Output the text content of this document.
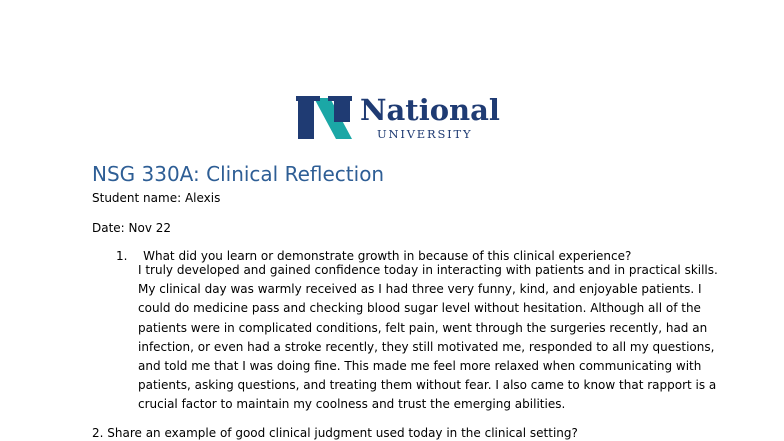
National
UNIVERSITY
NSG 330A: Clinical Reflection
Student name: Alexis
Date: Nov 22
1. What did you learn or demonstrate growth in because of this clinical experience?
I truly developed and gained confidence today in interacting with patients and in practical skills.
My clinical day was warmly received as I had three very funny, kind, and enjoyable patients. I
could do medicine pass and checking blood sugar level without hesitation. Although all of the
patients were in complicated conditions, felt pain, went through the surgeries recently, had an
infection, or even had a stroke recently, they still motivated me, responded to all my questions,
and told me that I was doing fine. This made me feel more relaxed when communicating with
patients, asking questions, and treating them without fear. I also came to know that rapport is a
crucial factor to maintain my coolness and trust the emerging abilities.
2. Share an example of good clinical judgment used today in the clinical setting?
